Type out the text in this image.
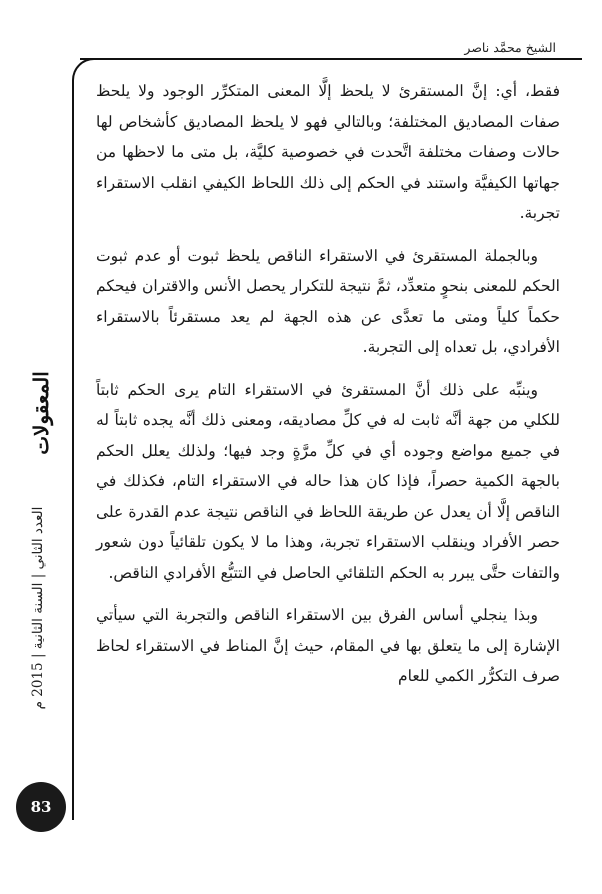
الشيخ محمَّد ناصر
المعقولات
العدد الثاني | السنة الثانية | 2015 م
83

فقط، أي: إنَّ المستقرئ لا يلحظ إلَّا المعنى المتكرِّر الوجود ولا يلحظ صفات المصاديق المختلفة؛ وبالتالي فهو لا يلحظ المصاديق كأشخاص لها حالات وصفات مختلفة اتَّحدت في خصوصية كليَّة، بل متى ما لاحظها من جهاتها الكيفيَّة واستند في الحكم إلى ذلك اللحاظ الكيفي انقلب الاستقراء تجربة.

وبالجملة المستقرئ في الاستقراء الناقص يلحظ ثبوت أو عدم ثبوت الحكم للمعنى بنحوٍ متعدِّد، ثمَّ نتيجة للتكرار يحصل الأنس والاقتران فيحكم حكماً كلياً ومتى ما تعدَّى عن هذه الجهة لم يعد مستقرئاً بالاستقراء الأفرادي، بل تعداه إلى التجربة.

وينبِّه على ذلك أنَّ المستقرئ في الاستقراء التام يرى الحكم ثابتاً للكلي من جهة أنَّه ثابت له في كلِّ مصاديقه، ومعنى ذلك أنَّه يجده ثابتاً له في جميع مواضع وجوده أي في كلِّ مرَّةٍ وجد فيها؛ ولذلك يعلل الحكم بالجهة الكمية حصراً، فإذا كان هذا حاله في الاستقراء التام، فكذلك في الناقص إلَّا أن يعدل عن طريقة اللحاظ في الناقص نتيجة عدم القدرة على حصر الأفراد وينقلب الاستقراء تجربة، وهذا ما لا يكون تلقائياً دون شعور والتفات حتَّى يبرر به الحكم التلقائي الحاصل في التتبُّع الأفرادي الناقص.

وبذا ينجلي أساس الفرق بين الاستقراء الناقص والتجربة التي سيأتي الإشارة إلى ما يتعلق بها في المقام، حيث إنَّ المناط في الاستقراء لحاظ صرف التكرُّر الكمي للعام
